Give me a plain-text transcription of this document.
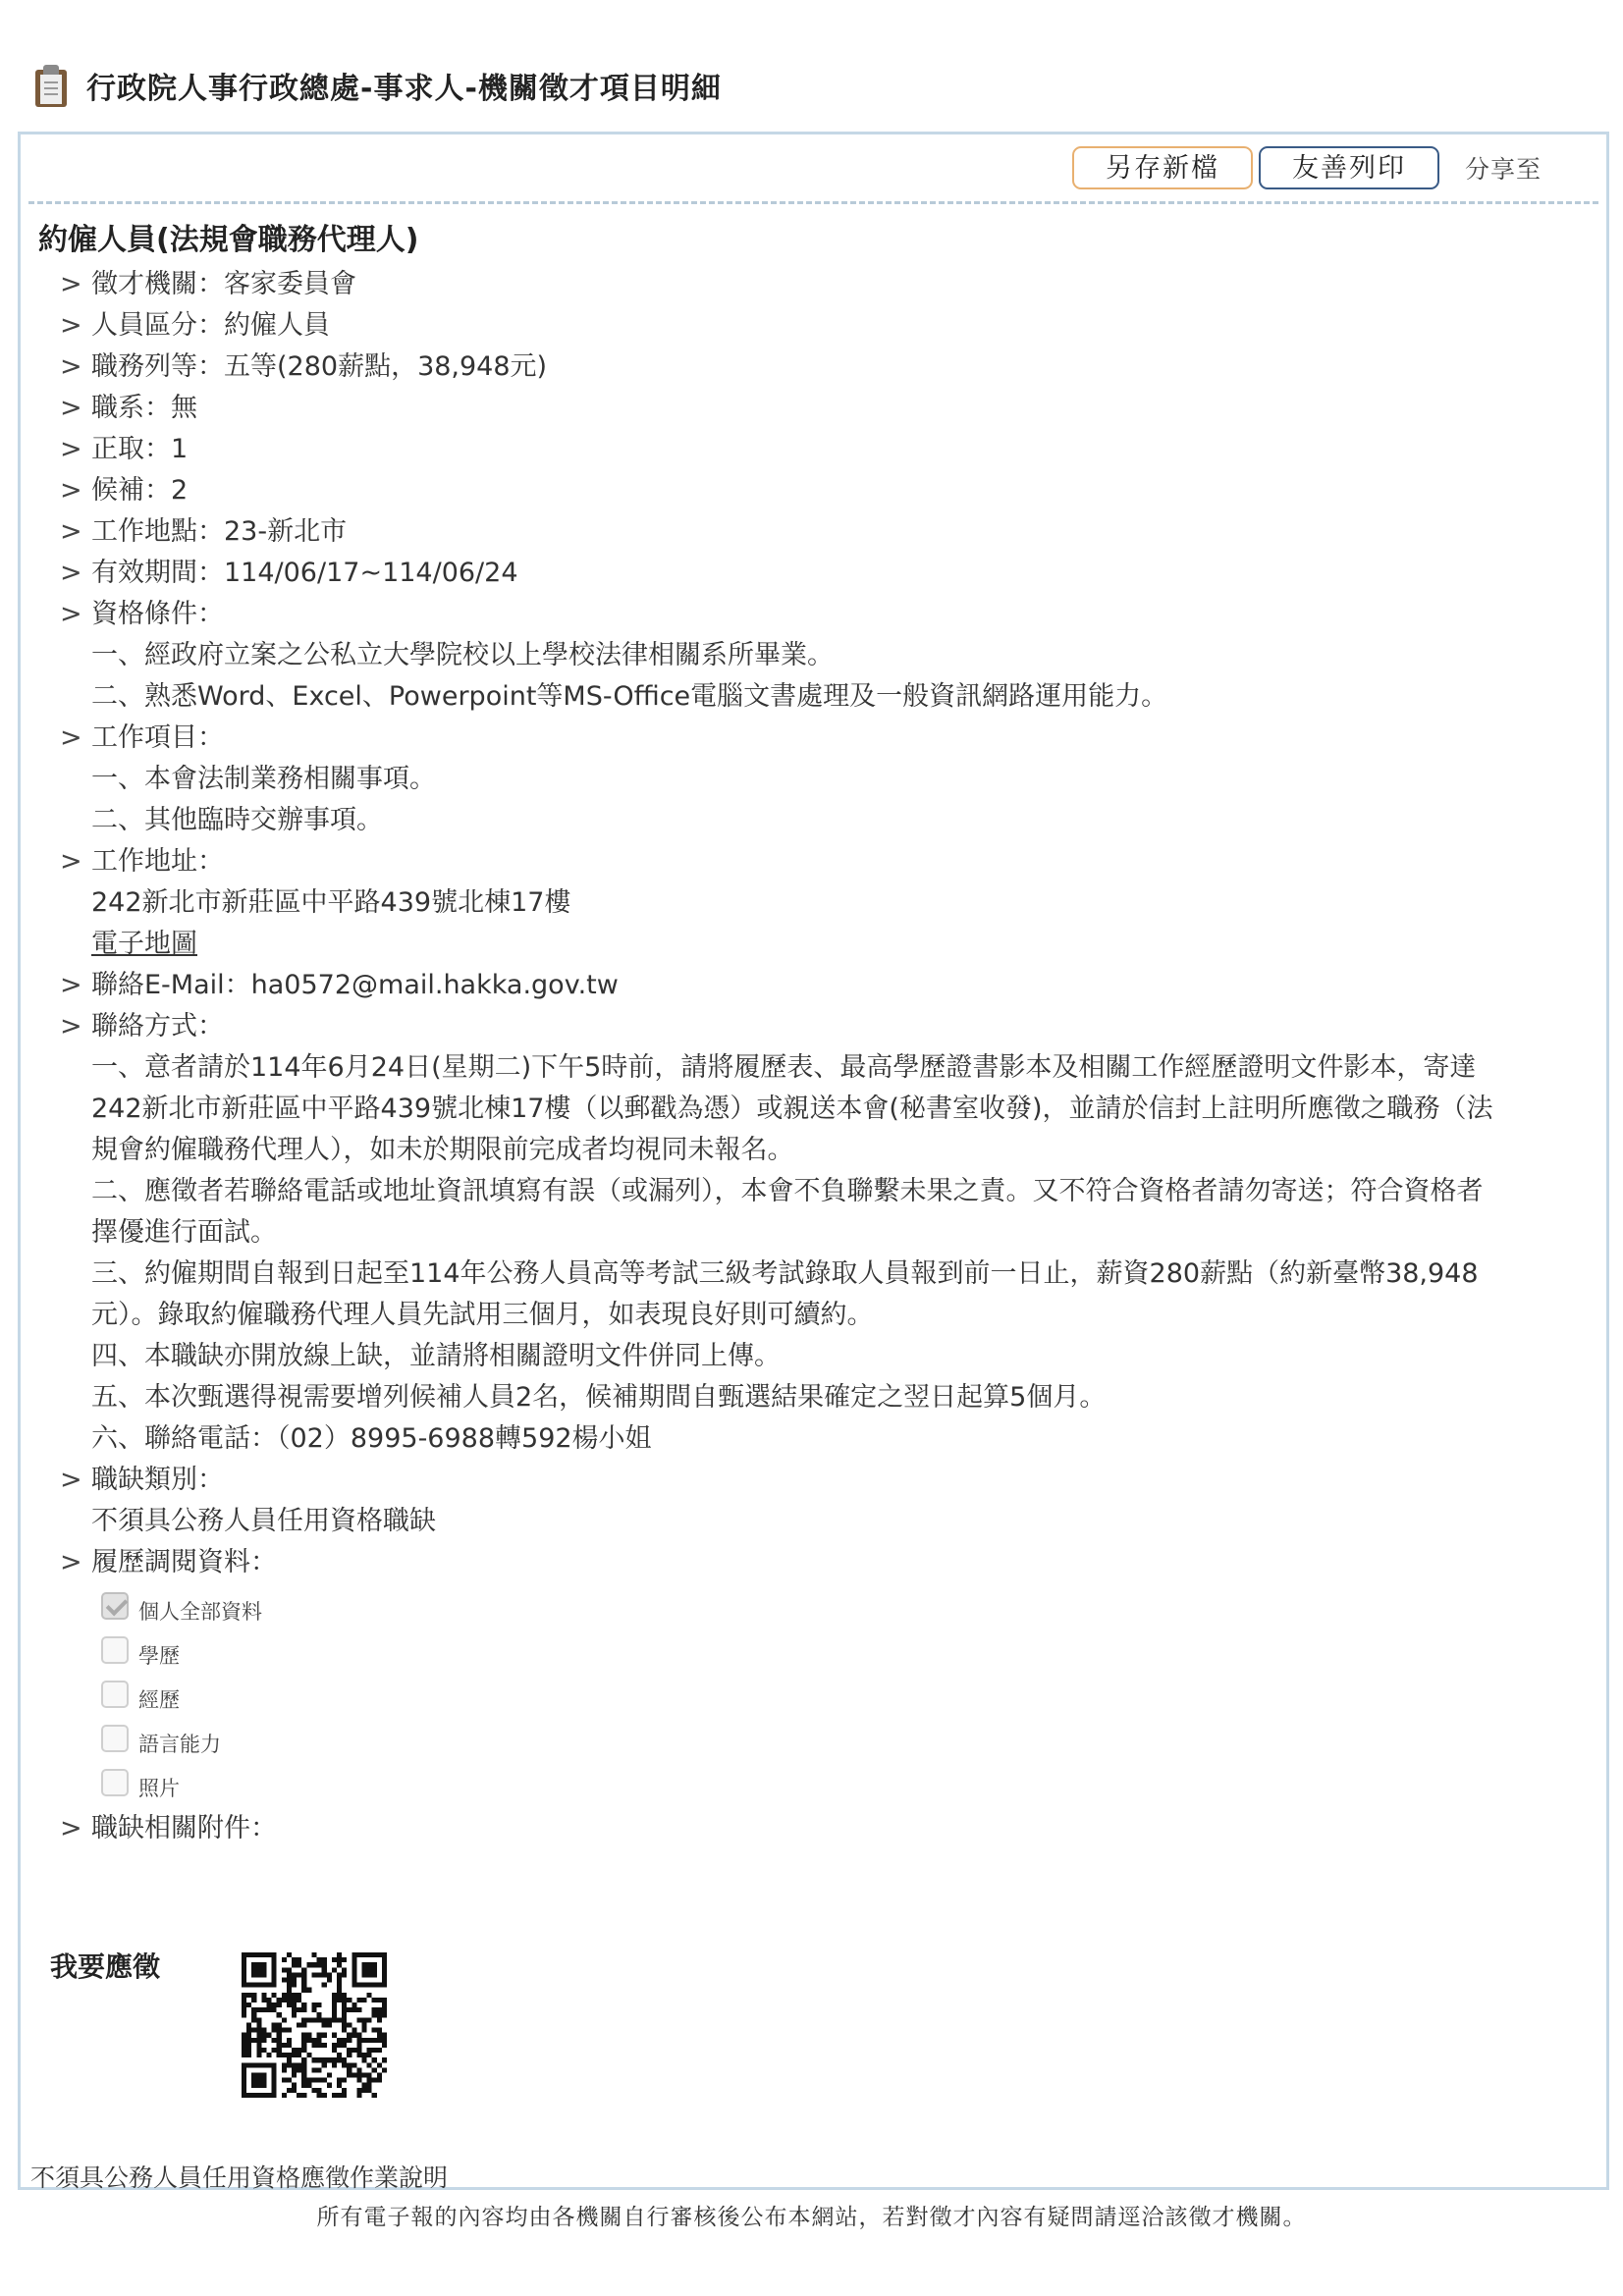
行政院人事行政總處-事求人-機關徵才項目明細
另存新檔	友善列印	分享至
約僱人員(法規會職務代理人)
> 徵才機關：客家委員會
> 人員區分：約僱人員
> 職務列等：五等(280薪點，38,948元)
> 職系：無
> 正取：1
> 候補：2
> 工作地點：23-新北市
> 有效期間：114/06/17~114/06/24
> 資格條件：
一、經政府立案之公私立大學院校以上學校法律相關系所畢業。
二、熟悉Word、Excel、Powerpoint等MS-Office電腦文書處理及一般資訊網路運用能力。
> 工作項目：
一、本會法制業務相關事項。
二、其他臨時交辦事項。
> 工作地址：
242新北市新莊區中平路439號北棟17樓
電子地圖
> 聯絡E-Mail：ha0572@mail.hakka.gov.tw
> 聯絡方式：
一、意者請於114年6月24日(星期二)下午5時前，請將履歷表、最高學歷證書影本及相關工作經歷證明文件影本，寄達
242新北市新莊區中平路439號北棟17樓（以郵戳為憑）或親送本會(秘書室收發)，並請於信封上註明所應徵之職務（法
規會約僱職務代理人），如未於期限前完成者均視同未報名。
二、應徵者若聯絡電話或地址資訊填寫有誤（或漏列），本會不負聯繫未果之責。又不符合資格者請勿寄送；符合資格者
擇優進行面試。
三、約僱期間自報到日起至114年公務人員高等考試三級考試錄取人員報到前一日止，薪資280薪點（約新臺幣38,948
元）。錄取約僱職務代理人員先試用三個月，如表現良好則可續約。
四、本職缺亦開放線上缺，並請將相關證明文件併同上傳。
五、本次甄選得視需要增列候補人員2名，候補期間自甄選結果確定之翌日起算5個月。
六、聯絡電話：（02）8995-6988轉592楊小姐
> 職缺類別：
不須具公務人員任用資格職缺
> 履歷調閱資料：
個人全部資料
學歷
經歷
語言能力
照片
> 職缺相關附件：
我要應徵
不須具公務人員任用資格應徵作業說明
所有電子報的內容均由各機關自行審核後公布本網站，若對徵才內容有疑問請逕洽該徵才機關。
